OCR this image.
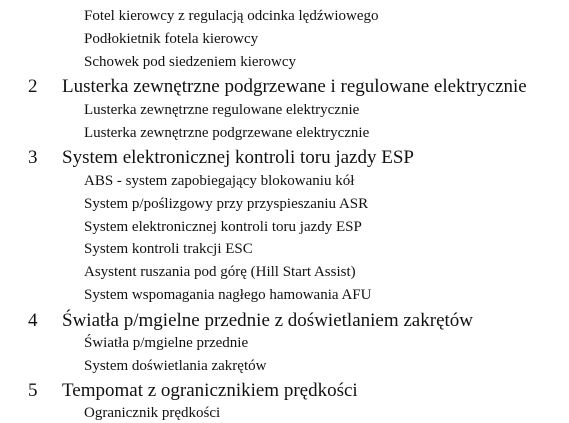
Fotel kierowcy z regulacją odcinka lędźwiowego
Podłokietnik fotela kierowcy
Schowek pod siedzeniem kierowcy
2 Lusterka zewnętrzne podgrzewane i regulowane elektrycznie
Lusterka zewnętrzne regulowane elektrycznie
Lusterka zewnętrzne podgrzewane elektrycznie
3 System elektronicznej kontroli toru jazdy ESP
ABS - system zapobiegający blokowaniu kół
System p/poślizgowy przy przyspieszaniu ASR
System elektronicznej kontroli toru jazdy ESP
System kontroli trakcji ESC
Asystent ruszania pod górę (Hill Start Assist)
System wspomagania nagłego hamowania AFU
4 Światła p/mgielne przednie z doświetlaniem zakrętów
Światła p/mgielne przednie
System doświetlania zakrętów
5 Tempomat z ogranicznikiem prędkości
Ogranicznik prędkości
